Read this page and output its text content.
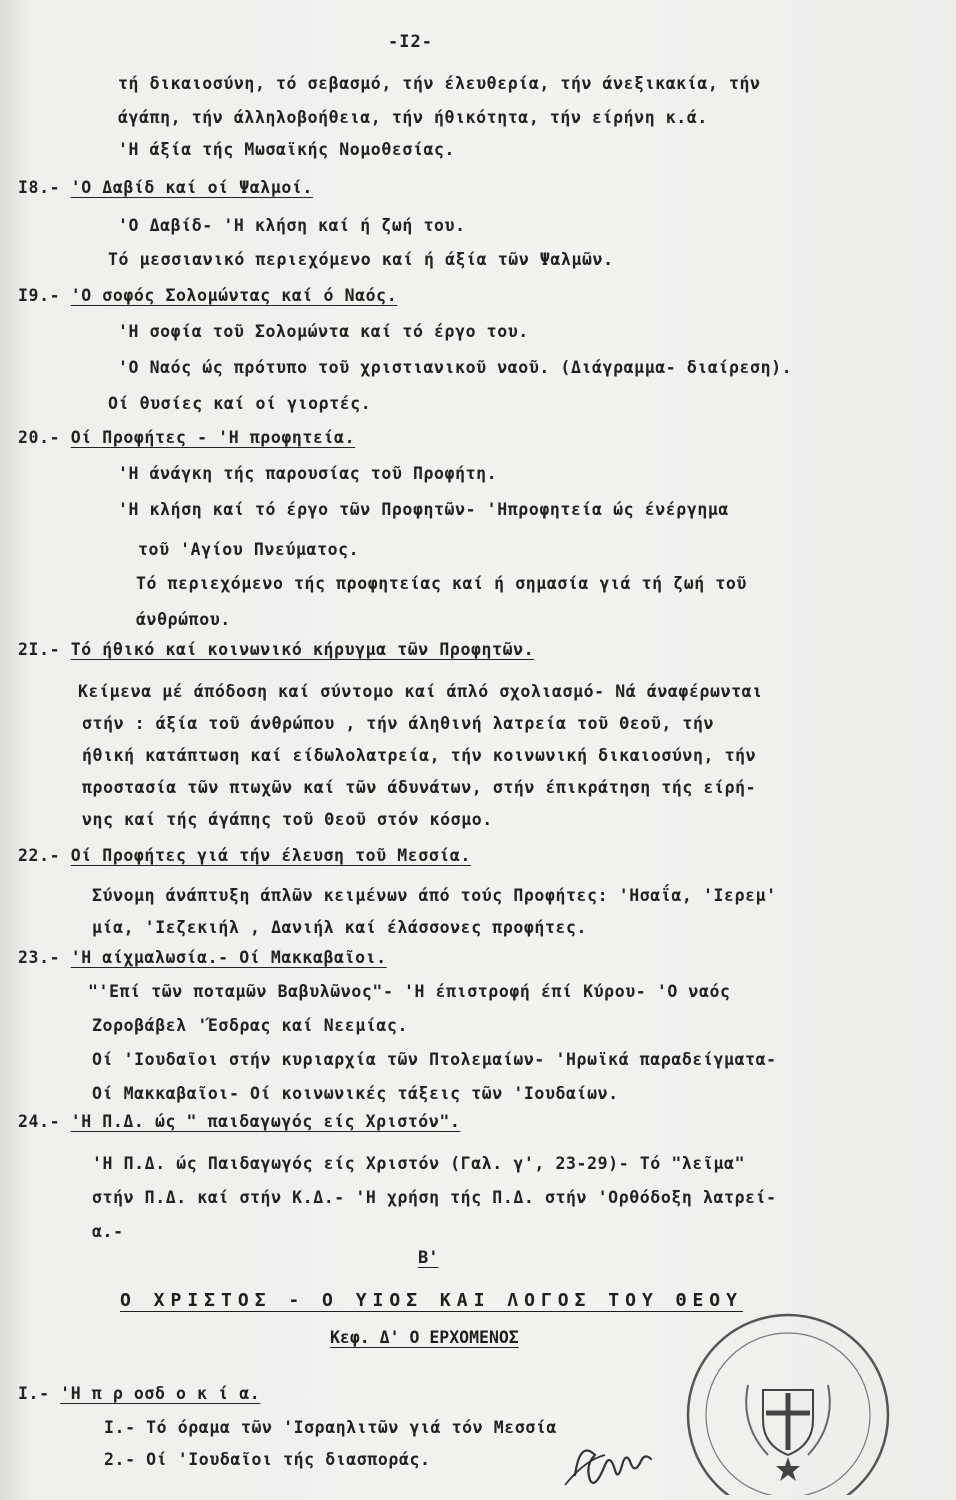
-I2-
τή δικαιοσύνη, τό σεβασμό, τήν έλευθερία, τήν άνεξικακία, τήν
άγάπη, τήν άλληλοβοήθεια, τήν ήθικότητα, τήν είρήνη κ.ά.
'Η άξία τής Μωσαϊκής Νομοθεσίας.
I8.- 'Ο Δαβίδ καί οί Ψαλμοί.
'Ο Δαβίδ- 'Η κλήση καί ή ζωή του.
Τό μεσσιανικό περιεχόμενο καί ή άξία τῶν Ψαλμῶν.
I9.- 'Ο σοφός Σολομώντας καί ό Ναός.
'Η σοφία τοῦ Σολομώντα καί τό έργο του.
'Ο Ναός ώς πρότυπο τοῦ χριστιανικοῦ ναοῦ. (Διάγραμμα- διαίρεση).
Οί θυσίες καί οί γιορτές.
20.- Οί Προφήτες - 'Η προφητεία.
'Η άνάγκη τής παρουσίας τοῦ Προφήτη.
'Η κλήση καί τό έργο τῶν Προφητῶν- 'Ηπροφητεία ώς ένέργημα
τοῦ 'Αγίου Πνεύματος.
Τό περιεχόμενο τής προφητείας καί ή σημασία γιά τή ζωή τοῦ
άνθρώπου.
2I.- Τό ήθικό καί κοινωνικό κήρυγμα τῶν Προφητῶν.
Κείμενα μέ άπόδοση καί σύντομο καί άπλό σχολιασμό- Νά άναφέρωνται
στήν : άξία τοῦ άνθρώπου , τήν άληθινή λατρεία τοῦ Θεοῦ, τήν
ήθική κατάπτωση καί είδωλολατρεία, τήν κοινωνική δικαιοσύνη, τήν
προστασία τῶν πτωχῶν καί τῶν άδυνάτων, στήν έπικράτηση τής είρή-
νης καί τής άγάπης τοῦ Θεοῦ στόν κόσμο.
22.- Οί Προφήτες γιά τήν έλευση τοῦ Μεσσία.
Σύνομη άνάπτυξη άπλῶν κειμένων άπό τούς Προφήτες: 'Ησαΐα, 'Ιερεμ'
μία, 'Ιεζεκιήλ , Δανιήλ καί έλάσσονες προφήτες.
23.- 'Η αίχμαλωσία.- Οί Μακκαβαῖοι.
"'Επί τῶν ποταμῶν Βαβυλῶνος"- 'Η έπιστροφή έπί Κύρου- 'Ο ναός
Ζοροβάβελ 'Έσδρας καί Νεεμίας.
Οί 'Ιουδαῖοι στήν κυριαρχία τῶν Πτολεμαίων- 'Ηρωϊκά παραδείγματα-
Οί Μακκαβαῖοι- Οί κοινωνικές τάξεις τῶν 'Ιουδαίων.
24.- 'Η Π.Δ. ώς " παιδαγωγός είς Χριστόν".
'Η Π.Δ. ώς Παιδαγωγός είς Χριστόν (Γαλ. γ', 23-29)- Τό "λεῖμα"
στήν Π.Δ. καί στήν Κ.Δ.- 'Η χρήση τής Π.Δ. στήν 'Ορθόδοξη λατρεί-
α.-
Β'
Ο ΧΡΙΣΤΟΣ - Ο ΥΙΟΣ ΚΑΙ ΛΟΓΟΣ ΤΟΥ ΘΕΟΥ
Κεφ. Δ' Ο ΕΡΧΟΜΕΝΟΣ
I.- 'Η π ρ οσδ ο κ ί α.
I.- Τό όραμα τῶν 'Ισραηλιτῶν γιά τόν Μεσσία
2.- Οί 'Ιουδαῖοι τής διασποράς.
